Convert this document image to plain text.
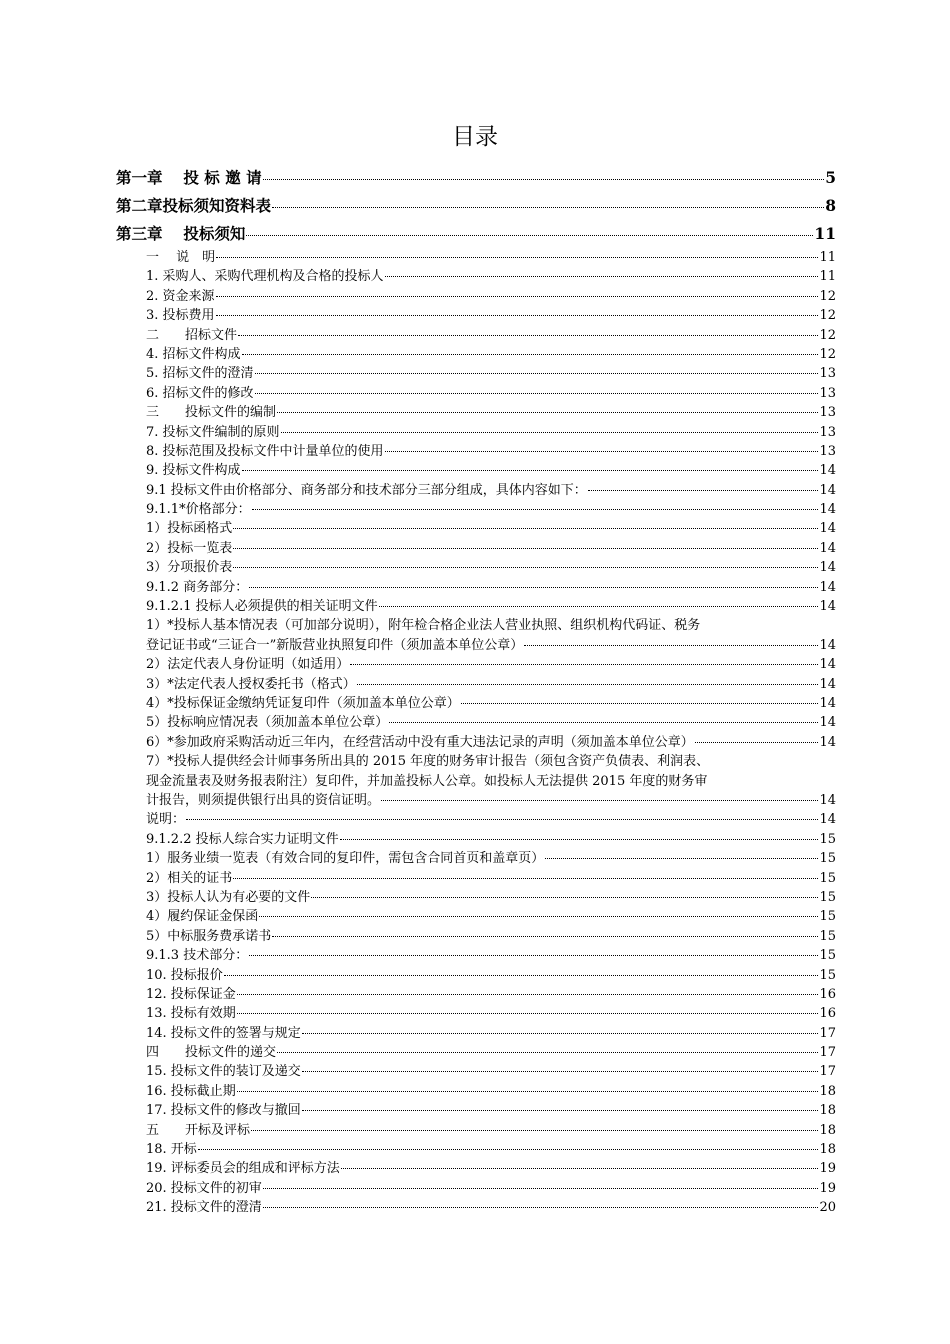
目录
第一章　 投 标 邀 请	5
第二章投标须知资料表	8
第三章　 投标须知	11
一　 说　明	11
1. 采购人、采购代理机构及合格的投标人	11
2. 资金来源	12
3. 投标费用	12
二　　招标文件	12
4. 招标文件构成	12
5. 招标文件的澄清	13
6. 招标文件的修改	13
三　　投标文件的编制	13
7. 投标文件编制的原则	13
8. 投标范围及投标文件中计量单位的使用	13
9. 投标文件构成	14
9.1 投标文件由价格部分、商务部分和技术部分三部分组成，具体内容如下：	14
9.1.1*价格部分：	14
1）投标函格式	14
2）投标一览表	14
3）分项报价表	14
9.1.2 商务部分：	14
9.1.2.1 投标人必须提供的相关证明文件	14
1）*投标人基本情况表（可加部分说明），附年检合格企业法人营业执照、组织机构代码证、税务
登记证书或“三证合一”新版营业执照复印件（须加盖本单位公章）	14
2）法定代表人身份证明（如适用）	14
3）*法定代表人授权委托书（格式）	14
4）*投标保证金缴纳凭证复印件（须加盖本单位公章）	14
5）投标响应情况表（须加盖本单位公章）	14
6）*参加政府采购活动近三年内，在经营活动中没有重大违法记录的声明（须加盖本单位公章）	14
7）*投标人提供经会计师事务所出具的 2015 年度的财务审计报告（须包含资产负债表、利润表、
现金流量表及财务报表附注）复印件，并加盖投标人公章。如投标人无法提供 2015 年度的财务审
计报告，则须提供银行出具的资信证明。	14
说明：	14
9.1.2.2 投标人综合实力证明文件	15
1）服务业绩一览表（有效合同的复印件，需包含合同首页和盖章页）	15
2）相关的证书	15
3）投标人认为有必要的文件	15
4）履约保证金保函	15
5）中标服务费承诺书	15
9.1.3 技术部分：	15
10. 投标报价	15
12. 投标保证金	16
13. 投标有效期	16
14. 投标文件的签署与规定	17
四　　投标文件的递交	17
15. 投标文件的装订及递交	17
16. 投标截止期	18
17. 投标文件的修改与撤回	18
五　　开标及评标	18
18. 开标	18
19. 评标委员会的组成和评标方法	19
20. 投标文件的初审	19
21. 投标文件的澄清	20
